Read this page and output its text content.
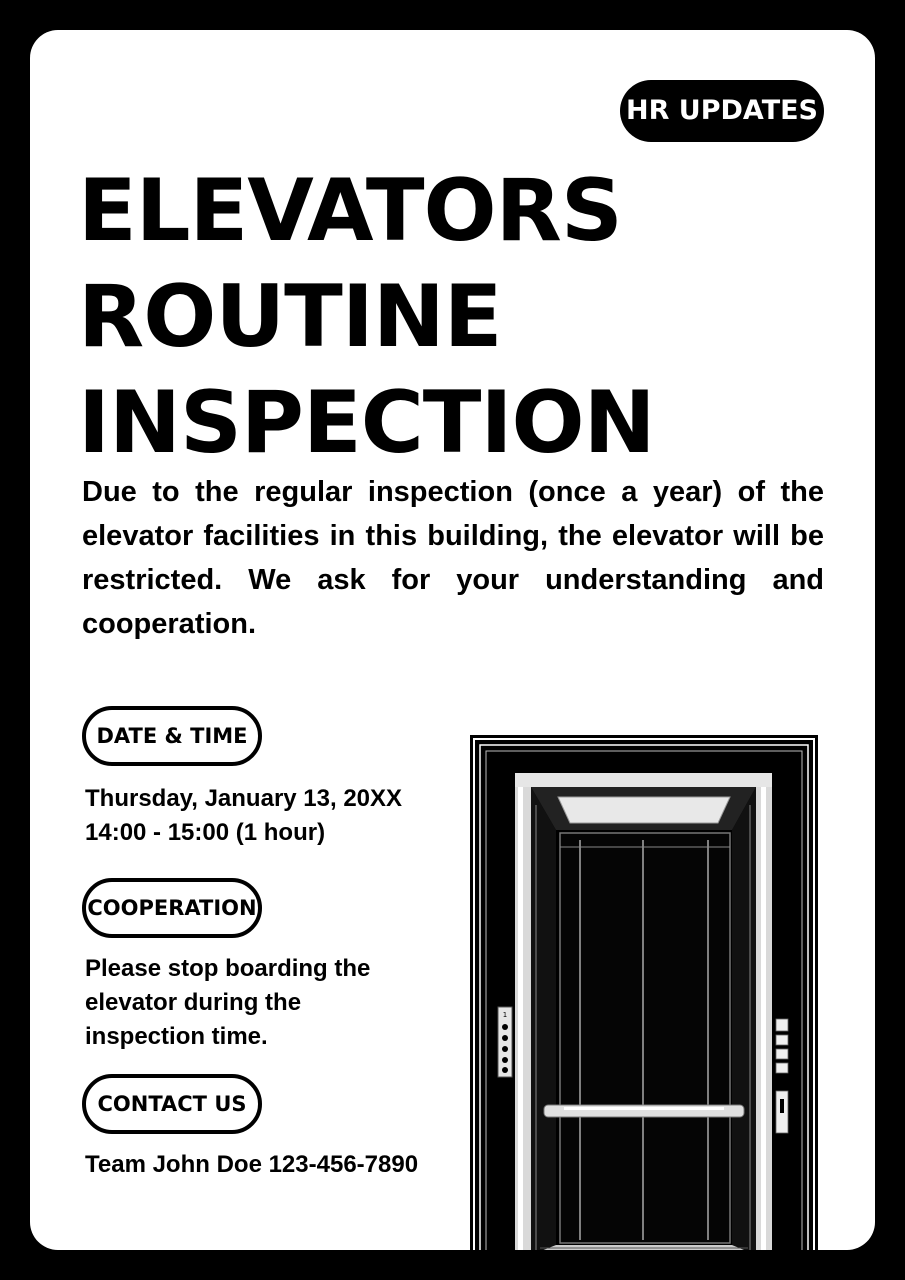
HR UPDATES
ELEVATORS
ROUTINE
INSPECTION

Due to the regular inspection (once a year) of the elevator facilities in this building, the elevator will be restricted. We ask for your understanding and cooperation.

DATE & TIME

Thursday, January 13, 20XX
14:00 - 15:00 (1 hour)

COOPERATION

Please stop boarding the
elevator during the
inspection time.

CONTACT US

Team John Doe 123-456-7890

1
